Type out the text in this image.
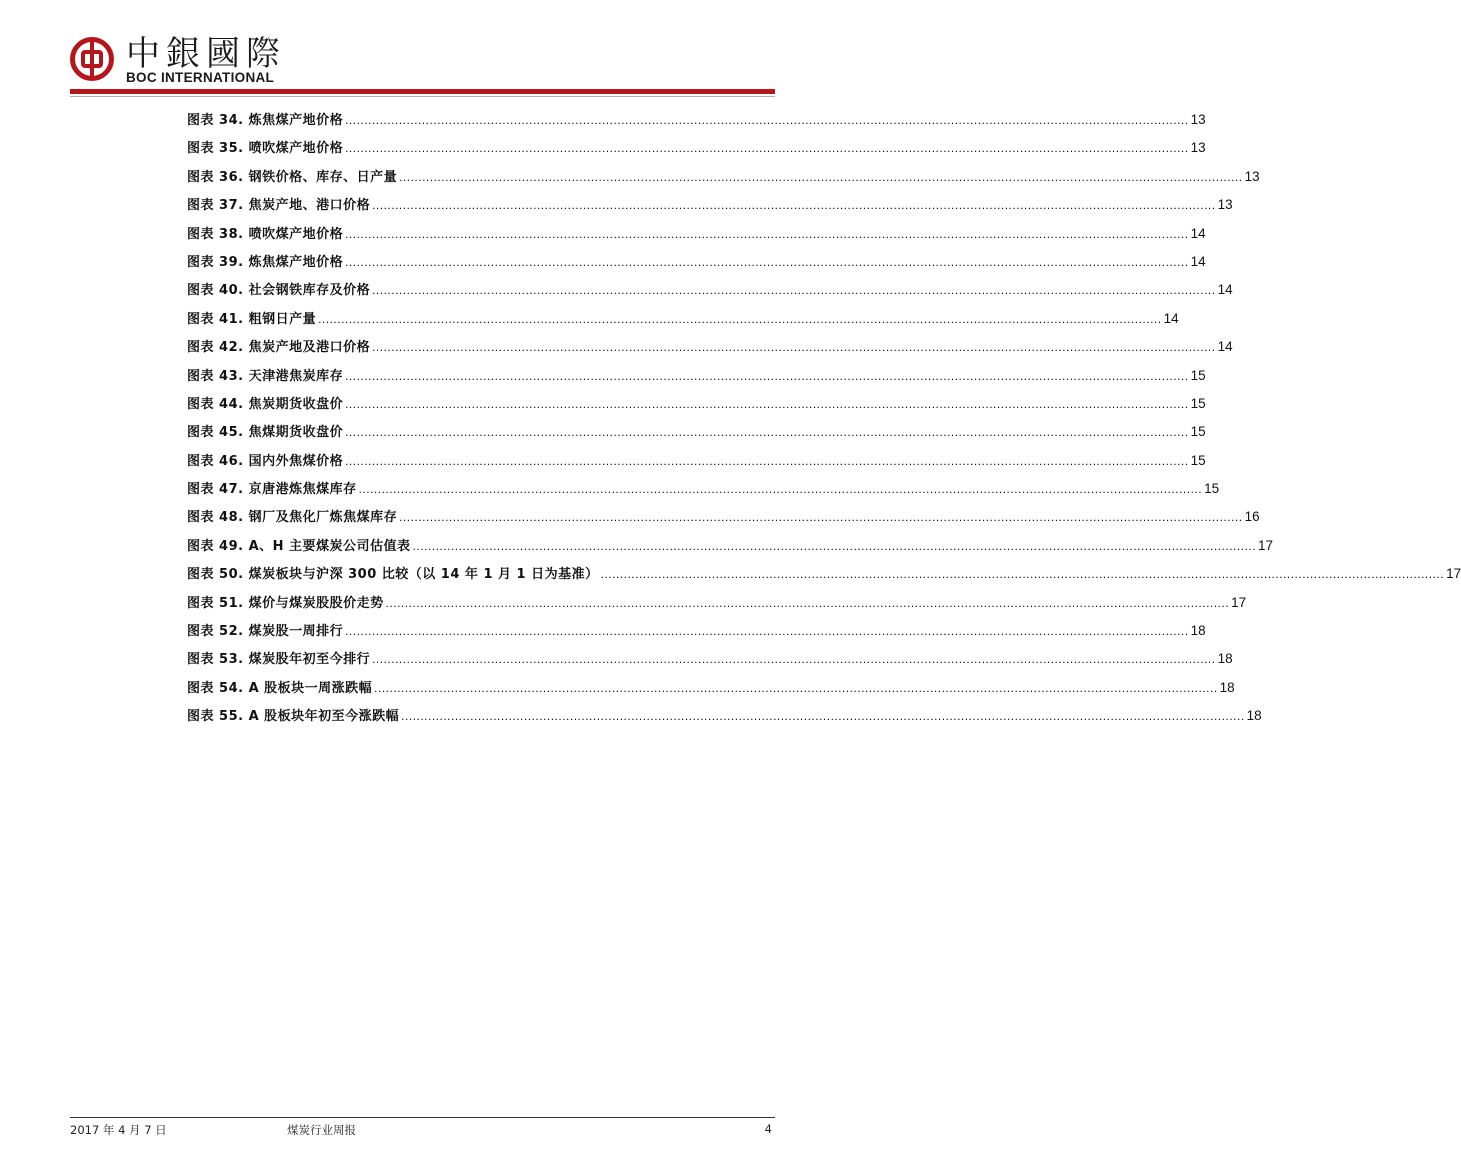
中銀國際
BOC INTERNATIONAL
图表 34. 炼焦煤产地价格 ............................................................................................................................................................................................................................ 13
图表 35. 喷吹煤产地价格 ............................................................................................................................................................................................................................ 13
图表 36. 钢铁价格、库存、日产量 ............................................................................................................................................................................................................................ 13
图表 37. 焦炭产地、港口价格 ............................................................................................................................................................................................................................ 13
图表 38. 喷吹煤产地价格 ............................................................................................................................................................................................................................ 14
图表 39. 炼焦煤产地价格 ............................................................................................................................................................................................................................ 14
图表 40. 社会钢铁库存及价格 ............................................................................................................................................................................................................................ 14
图表 41. 粗钢日产量 ............................................................................................................................................................................................................................ 14
图表 42. 焦炭产地及港口价格 ............................................................................................................................................................................................................................ 14
图表 43. 天津港焦炭库存 ............................................................................................................................................................................................................................ 15
图表 44. 焦炭期货收盘价 ............................................................................................................................................................................................................................ 15
图表 45. 焦煤期货收盘价 ............................................................................................................................................................................................................................ 15
图表 46. 国内外焦煤价格 ............................................................................................................................................................................................................................ 15
图表 47. 京唐港炼焦煤库存 ............................................................................................................................................................................................................................ 15
图表 48. 钢厂及焦化厂炼焦煤库存 ............................................................................................................................................................................................................................ 16
图表 49. A、H 主要煤炭公司估值表 ............................................................................................................................................................................................................................ 17
图表 50. 煤炭板块与沪深 300 比较（以 14 年 1 月 1 日为基准） ............................................................................................................................................................................................................................ 17
图表 51. 煤价与煤炭股股价走势 ............................................................................................................................................................................................................................ 17
图表 52. 煤炭股一周排行 ............................................................................................................................................................................................................................ 18
图表 53. 煤炭股年初至今排行 ............................................................................................................................................................................................................................ 18
图表 54. A 股板块一周涨跌幅 ............................................................................................................................................................................................................................ 18
图表 55. A 股板块年初至今涨跌幅 ............................................................................................................................................................................................................................ 18
2017 年 4 月 7 日	煤炭行业周报	4
